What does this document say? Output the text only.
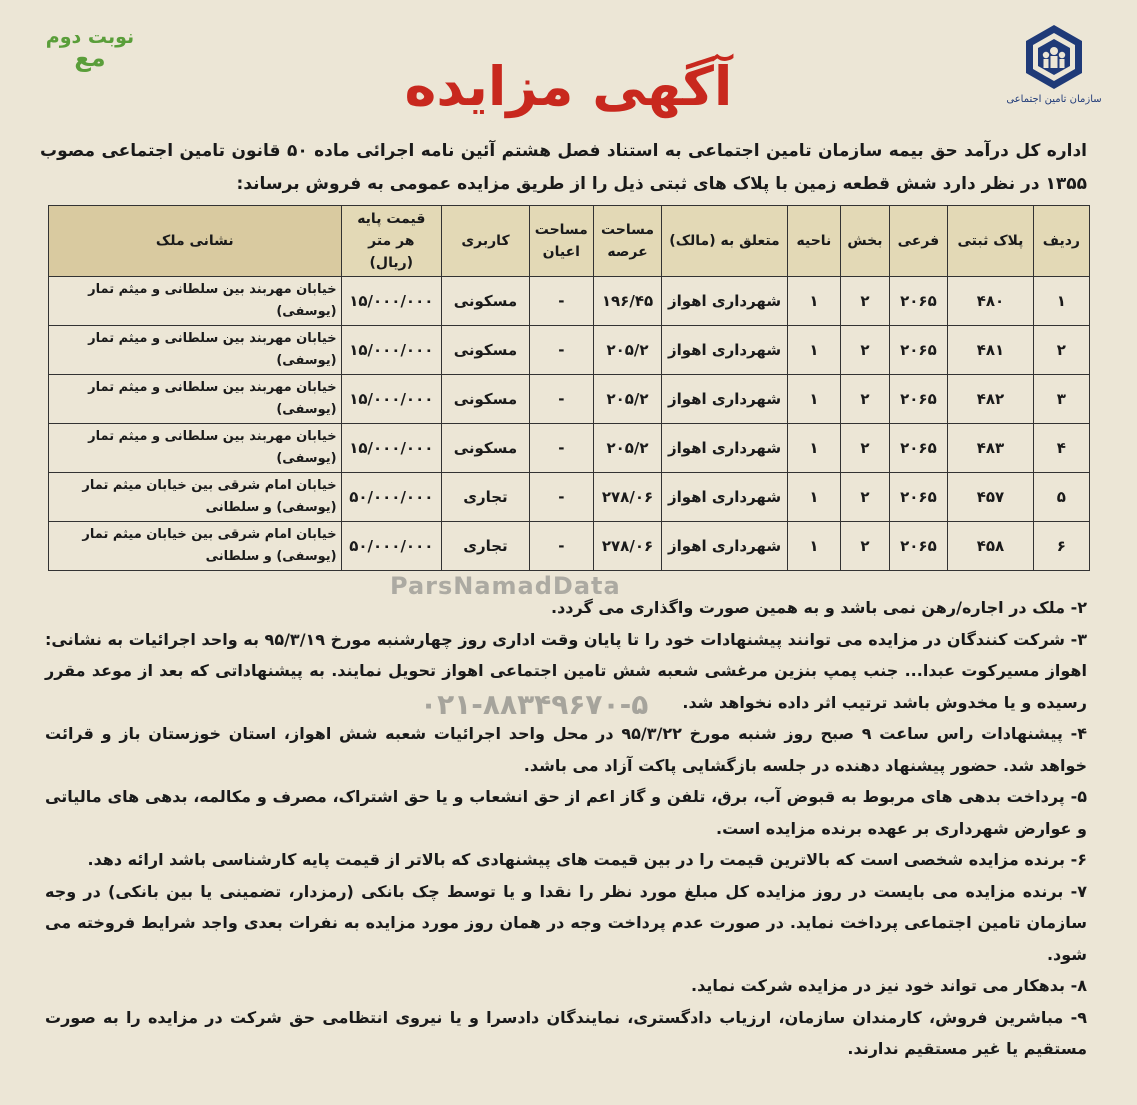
سازمان تامین اجتماعی
نوبت دوم
مع	آگهی مزایده
اداره کل درآمد حق بیمه سازمان تامین اجتماعی به استناد فصل هشتم آئین نامه اجرائی ماده ۵۰ قانون تامین اجتماعی مصوب ۱۳۵۵ در نظر دارد شش قطعه زمین با پلاک های ثبتی ذیل را از طریق مزایده عمومی به فروش برساند:
ردیف	پلاک ثبتی	فرعی	بخش	ناحیه	متعلق به (مالک)	مساحت عرصه	مساحت اعیان	کاربری	قیمت پایه هر متر (ریال)	نشانی ملک
۱	۴۸۰	۲۰۶۵	۲	۱	شهرداری اهواز	۱۹۶/۴۵	-	مسکونی	۱۵/۰۰۰/۰۰۰	خیابان مهربند بین سلطانی و میثم تمار (یوسفی)
۲	۴۸۱	۲۰۶۵	۲	۱	شهرداری اهواز	۲۰۵/۲	-	مسکونی	۱۵/۰۰۰/۰۰۰	خیابان مهربند بین سلطانی و میثم تمار (یوسفی)
۳	۴۸۲	۲۰۶۵	۲	۱	شهرداری اهواز	۲۰۵/۲	-	مسکونی	۱۵/۰۰۰/۰۰۰	خیابان مهربند بین سلطانی و میثم تمار (یوسفی)
۴	۴۸۳	۲۰۶۵	۲	۱	شهرداری اهواز	۲۰۵/۲	-	مسکونی	۱۵/۰۰۰/۰۰۰	خیابان مهربند بین سلطانی و میثم تمار (یوسفی)
۵	۴۵۷	۲۰۶۵	۲	۱	شهرداری اهواز	۲۷۸/۰۶	-	تجاری	۵۰/۰۰۰/۰۰۰	خیابان امام شرقی بین خیابان میثم تمار (یوسفی) و سلطانی
۶	۴۵۸	۲۰۶۵	۲	۱	شهرداری اهواز	۲۷۸/۰۶	-	تجاری	۵۰/۰۰۰/۰۰۰	خیابان امام شرقی بین خیابان میثم تمار (یوسفی) و سلطانی
ParsNamadData

۲- ملک در اجاره/رهن نمی باشد و به همین صورت واگذاری می گردد.

۳- شرکت کنندگان در مزایده می توانند پیشنهادات خود را تا پایان وقت اداری روز چهارشنبه مورخ ۹۵/۳/۱۹ به واحد اجرائیات به نشانی: اهواز مسیرکوت عبدا... جنب پمپ بنزین مرغشی شعبه شش تامین اجتماعی اهواز تحویل نمایند. به پیشنهاداتی که بعد از موعد مقرر رسیده و یا مخدوش باشد ترتیب اثر داده نخواهد شد.

۴- پیشنهادات راس ساعت ۹ صبح روز شنبه مورخ ۹۵/۳/۲۲ در محل واحد اجرائیات شعبه شش اهواز، استان خوزستان باز و قرائت خواهد شد. حضور پیشنهاد دهنده در جلسه بازگشایی پاکت آزاد می باشد.

۵- پرداخت بدهی های مربوط به قبوض آب، برق، تلفن و گاز اعم از حق انشعاب و یا حق اشتراک، مصرف و مکالمه، بدهی های مالیاتی و عوارض شهرداری بر عهده برنده مزایده است.

۶- برنده مزایده شخصی است که بالاترین قیمت را در بین قیمت های پیشنهادی که بالاتر از قیمت پایه کارشناسی باشد ارائه دهد.

۷- برنده مزایده می بایست در روز مزایده کل مبلغ مورد نظر را نقدا و یا توسط چک بانکی (رمزدار، تضمینی یا بین بانکی) در وجه سازمان تامین اجتماعی پرداخت نماید. در صورت عدم پرداخت وجه در همان روز مورد مزایده به نفرات بعدی واجد شرایط فروخته می شود.

۸- بدهکار می تواند خود نیز در مزایده شرکت نماید.

۹- مباشرین فروش، کارمندان سازمان، ارزیاب دادگستری، نمایندگان دادسرا و یا نیروی انتظامی حق شرکت در مزایده را به صورت مستقیم یا غیر مستقیم ندارند.

۰۲۱-۸۸۳۴۹۶۷۰-۵
